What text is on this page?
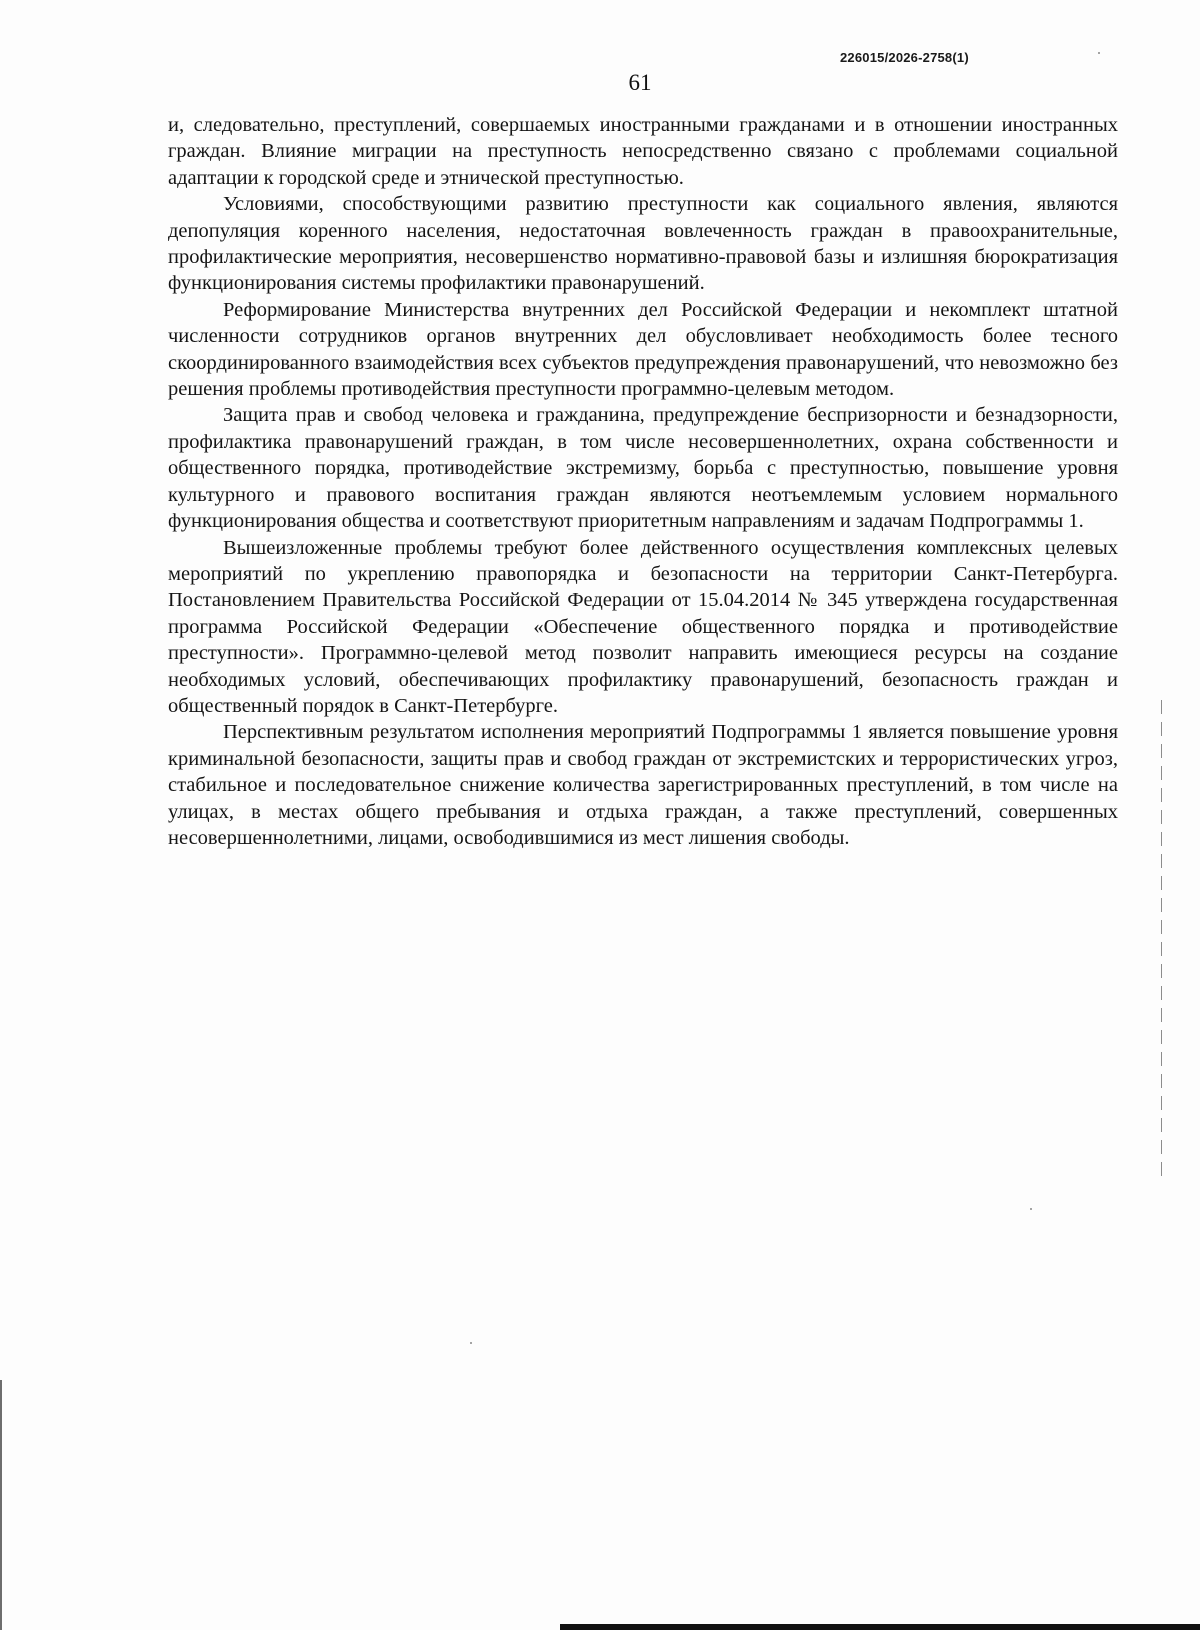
226015/2026-2758(1)
61

и, следовательно, преступлений, совершаемых иностранными гражданами и в отношении иностранных граждан. Влияние миграции на преступность непосредственно связано с проблемами социальной адаптации к городской среде и этнической преступностью.

Условиями, способствующими развитию преступности как социального явления, являются депопуляция коренного населения, недостаточная вовлеченность граждан в правоохранительные, профилактические мероприятия, несовершенство нормативно-правовой базы и излишняя бюрократизация функционирования системы профилактики правонарушений.

Реформирование Министерства внутренних дел Российской Федерации и некомплект штатной численности сотрудников органов внутренних дел обусловливает необходимость более тесного скоординированного взаимодействия всех субъектов предупреждения правонарушений, что невозможно без решения проблемы противодействия преступности программно-целевым методом.

Защита прав и свобод человека и гражданина, предупреждение беспризорности и безнадзорности, профилактика правонарушений граждан, в том числе несовершеннолетних, охрана собственности и общественного порядка, противодействие экстремизму, борьба с преступностью, повышение уровня культурного и правового воспитания граждан являются неотъемлемым условием нормального функционирования общества и соответствуют приоритетным направлениям и задачам Подпрограммы 1.

Вышеизложенные проблемы требуют более действенного осуществления комплексных целевых мероприятий по укреплению правопорядка и безопасности на территории Санкт-Петербурга. Постановлением Правительства Российской Федерации от 15.04.2014 № 345 утверждена государственная программа Российской Федерации «Обеспечение общественного порядка и противодействие преступности». Программно-целевой метод позволит направить имеющиеся ресурсы на создание необходимых условий, обеспечивающих профилактику правонарушений, безопасность граждан и общественный порядок в Санкт-Петербурге.

Перспективным результатом исполнения мероприятий Подпрограммы 1 является повышение уровня криминальной безопасности, защиты прав и свобод граждан от экстремистских и террористических угроз, стабильное и последовательное снижение количества зарегистрированных преступлений, в том числе на улицах, в местах общего пребывания и отдыха граждан, а также преступлений, совершенных несовершеннолетними, лицами, освободившимися из мест лишения свободы.
